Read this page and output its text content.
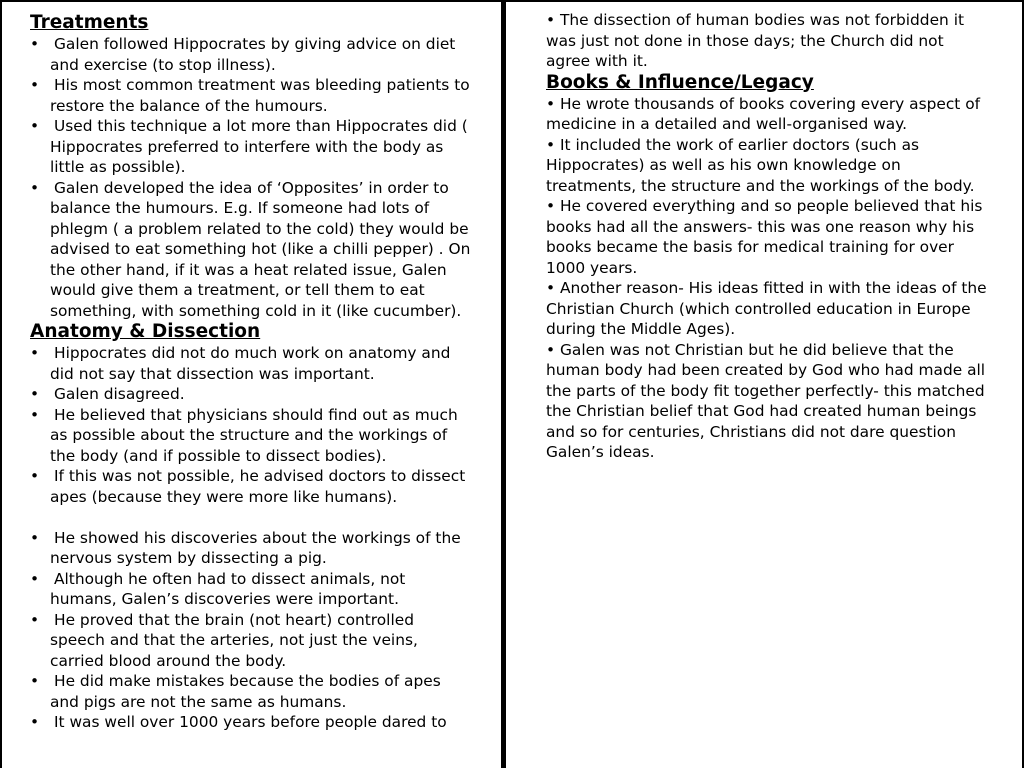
Treatments
• Galen followed Hippocrates by giving advice on diet and exercise (to stop illness).
• His most common treatment was bleeding patients to restore the balance of the humours.
• Used this technique a lot more than Hippocrates did ( Hippocrates preferred to interfere with the body as little as possible).
• Galen developed the idea of ‘Opposites’ in order to balance the humours. E.g. If someone had lots of phlegm ( a problem related to the cold) they would be advised to eat something hot (like a chilli pepper) . On the other hand, if it was a heat related issue, Galen would give them a treatment, or tell them to eat something, with something cold in it (like cucumber).
Anatomy & Dissection
• Hippocrates did not do much work on anatomy and did not say that dissection was important.
• Galen disagreed.
• He believed that physicians should find out as much as possible about the structure and the workings of the body (and if possible to dissect bodies).
• If this was not possible, he advised doctors to dissect apes (because they were more like humans).
• He showed his discoveries about the workings of the nervous system by dissecting a pig.
• Although he often had to dissect animals, not humans, Galen’s discoveries were important.
• He proved that the brain (not heart) controlled speech and that the arteries, not just the veins, carried blood around the body.
• He did make mistakes because the bodies of apes and pigs are not the same as humans.
• It was well over 1000 years before people dared to
• The dissection of human bodies was not forbidden it was just not done in those days; the Church did not agree with it.
Books & Influence/Legacy
• He wrote thousands of books covering every aspect of medicine in a detailed and well-organised way.
• It included the work of earlier doctors (such as Hippocrates) as well as his own knowledge on treatments, the structure and the workings of the body.
• He covered everything and so people believed that his books had all the answers- this was one reason why his books became the basis for medical training for over 1000 years.
• Another reason- His ideas fitted in with the ideas of the Christian Church (which controlled education in Europe during the Middle Ages).
• Galen was not Christian but he did believe that the human body had been created by God who had made all the parts of the body fit together perfectly- this matched the Christian belief that God had created human beings and so for centuries, Christians did not dare question Galen’s ideas.
